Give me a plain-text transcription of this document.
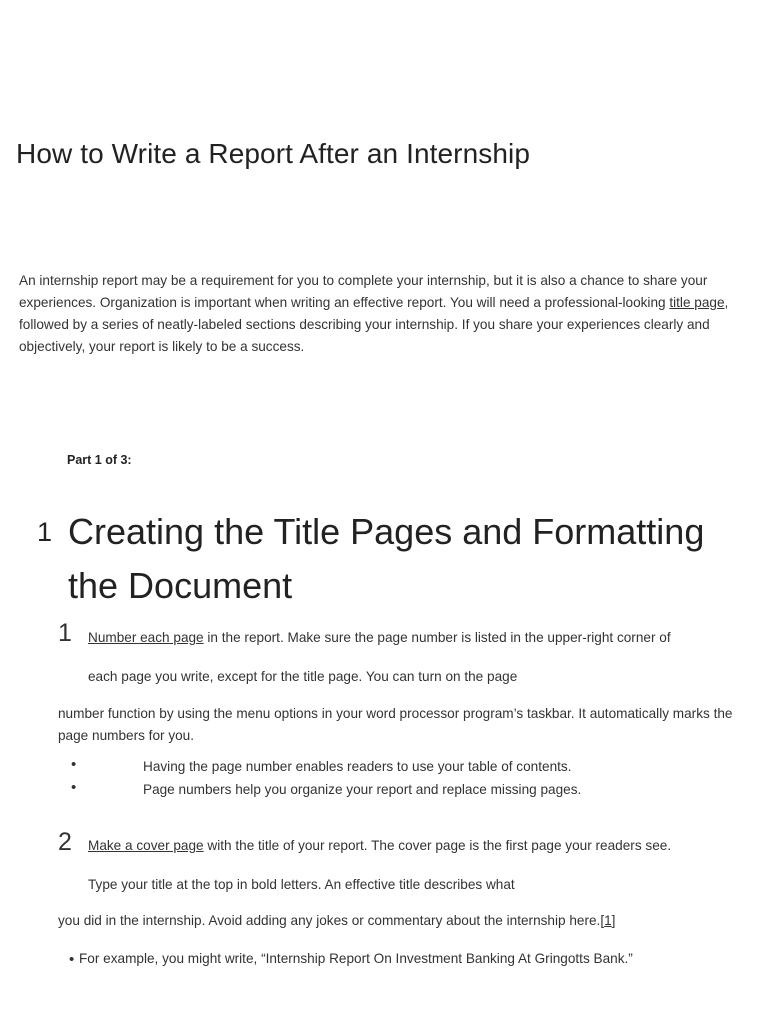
How to Write a Report After an Internship
An internship report may be a requirement for you to complete your internship, but it is also a chance to share your experiences. Organization is important when writing an effective report. You will need a professional-looking title page, followed by a series of neatly-labeled sections describing your internship. If you share your experiences clearly and objectively, your report is likely to be a success.
Part 1 of 3:
1 Creating the Title Pages and Formatting the Document
1 Number each page in the report. Make sure the page number is listed in the upper-right corner of
each page you write, except for the title page. You can turn on the page
number function by using the menu options in your word processor program’s taskbar. It automatically marks the page numbers for you.
•	Having the page number enables readers to use your table of contents.
•	Page numbers help you organize your report and replace missing pages.
2 Make a cover page with the title of your report. The cover page is the first page your readers see.
Type your title at the top in bold letters. An effective title describes what
you did in the internship. Avoid adding any jokes or commentary about the internship here.[1]
• For example, you might write, “Internship Report On Investment Banking At Gringotts Bank.”
